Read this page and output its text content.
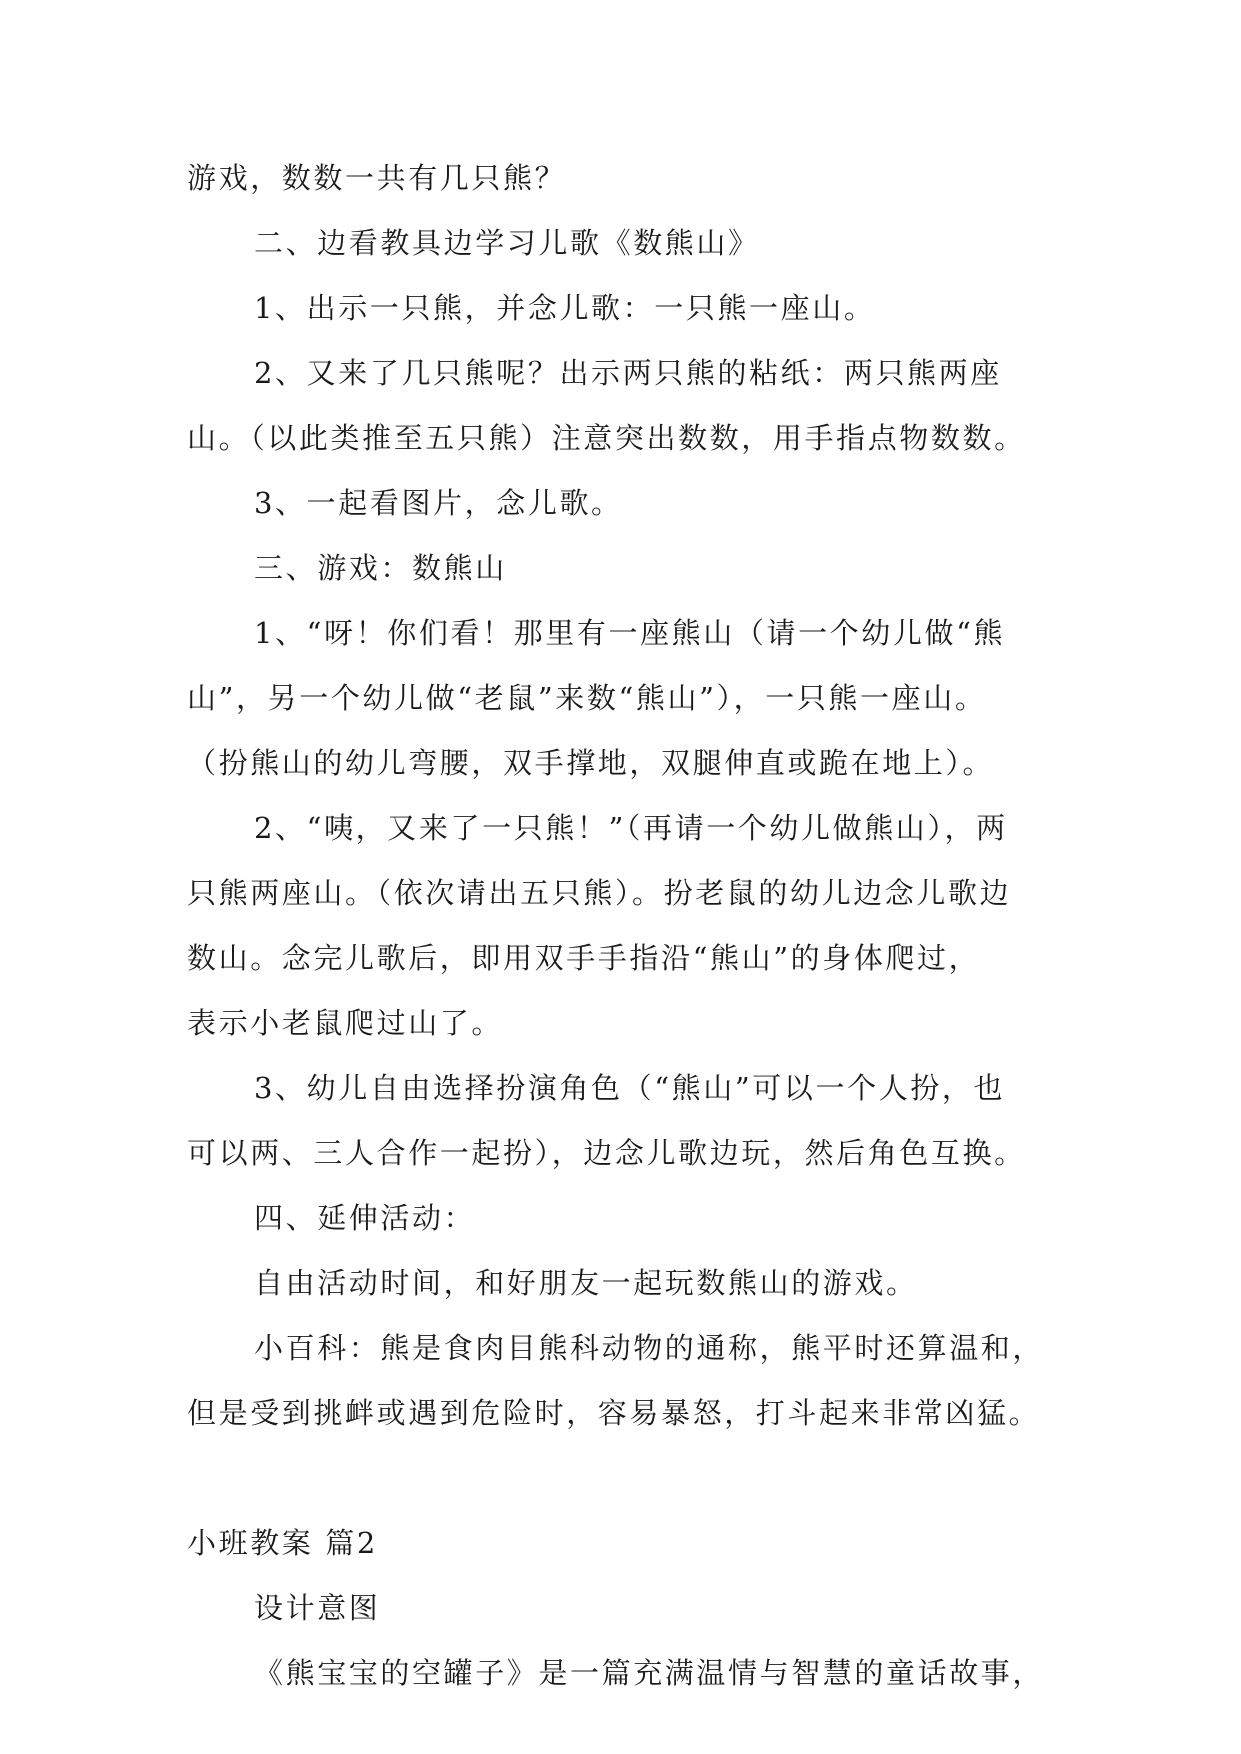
游戏，数数一共有几只熊？
二、边看教具边学习儿歌《数熊山》
1、出示一只熊，并念儿歌：一只熊一座山。
2、又来了几只熊呢？出示两只熊的粘纸：两只熊两座
山。（以此类推至五只熊）注意突出数数，用手指点物数数。
3、一起看图片，念儿歌。
三、游戏：数熊山
1、“呀！你们看！那里有一座熊山（请一个幼儿做“熊
山”，另一个幼儿做“老鼠”来数“熊山”），一只熊一座山。
（扮熊山的幼儿弯腰，双手撑地，双腿伸直或跪在地上）。
2、“咦，又来了一只熊！”（再请一个幼儿做熊山），两
只熊两座山。（依次请出五只熊）。扮老鼠的幼儿边念儿歌边
数山。念完儿歌后，即用双手手指沿“熊山”的身体爬过，
表示小老鼠爬过山了。
3、幼儿自由选择扮演角色（“熊山”可以一个人扮，也
可以两、三人合作一起扮），边念儿歌边玩，然后角色互换。
四、延伸活动：
自由活动时间，和好朋友一起玩数熊山的游戏。
小百科：熊是食肉目熊科动物的通称，熊平时还算温和，
但是受到挑衅或遇到危险时，容易暴怒，打斗起来非常凶猛。
小班教案 篇2
设计意图
《熊宝宝的空罐子》是一篇充满温情与智慧的童话故事，
